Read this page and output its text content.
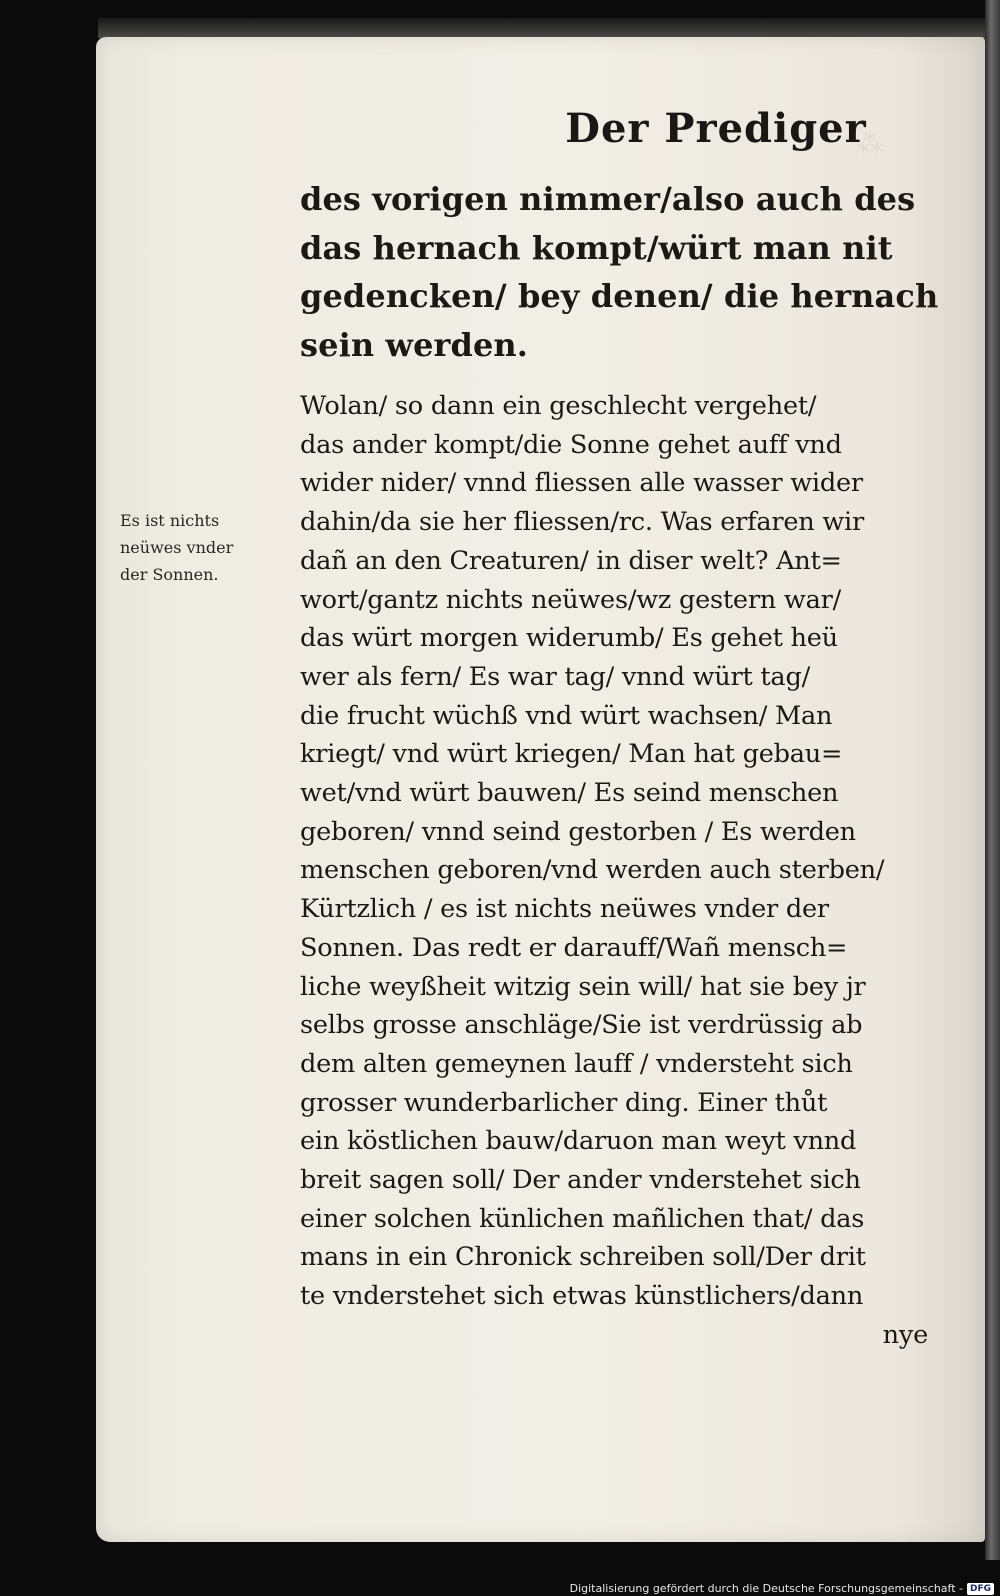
⁂
Der Prediger
Es ist nichts
neüwes vnder
der Sonnen.
des vorigen nimmer/also auch des
das hernach kompt/würt man nit
gedencken/ bey denen/ die hernach
sein werden.
Wolan/ so dann ein geschlecht vergehet/
das ander kompt/die Sonne gehet auff vnd
wider nider/ vnnd fliessen alle wasser wider
dahin/da sie her fliessen/rc. Was erfaren wir
dañ an den Creaturen/ in diser welt? Ant=
wort/gantz nichts neüwes/wz gestern war/
das würt morgen widerumb/ Es gehet heü
wer als fern/ Es war tag/ vnnd würt tag/
die frucht wüchß vnd würt wachsen/ Man
kriegt/ vnd würt kriegen/ Man hat gebau=
wet/vnd würt bauwen/ Es seind menschen
geboren/ vnnd seind gestorben / Es werden
menschen geboren/vnd werden auch sterben/
Kürtzlich / es ist nichts neüwes vnder der
Sonnen. Das redt er darauff/Wañ mensch=
liche weyßheit witzig sein will/ hat sie bey jr
selbs grosse anschläge/Sie ist verdrüssig ab
dem alten gemeynen lauff / vndersteht sich
grosser wunderbarlicher ding. Einer thůt
ein köstlichen bauw/daruon man weyt vnnd
breit sagen soll/ Der ander vnderstehet sich
einer solchen künlichen mañlichen that/ das
mans in ein Chronick schreiben soll/Der drit
te vnderstehet sich etwas künstlichers/dann
nye
Digitalisierung gefördert durch die Deutsche Forschungsgemeinschaft - DFG
